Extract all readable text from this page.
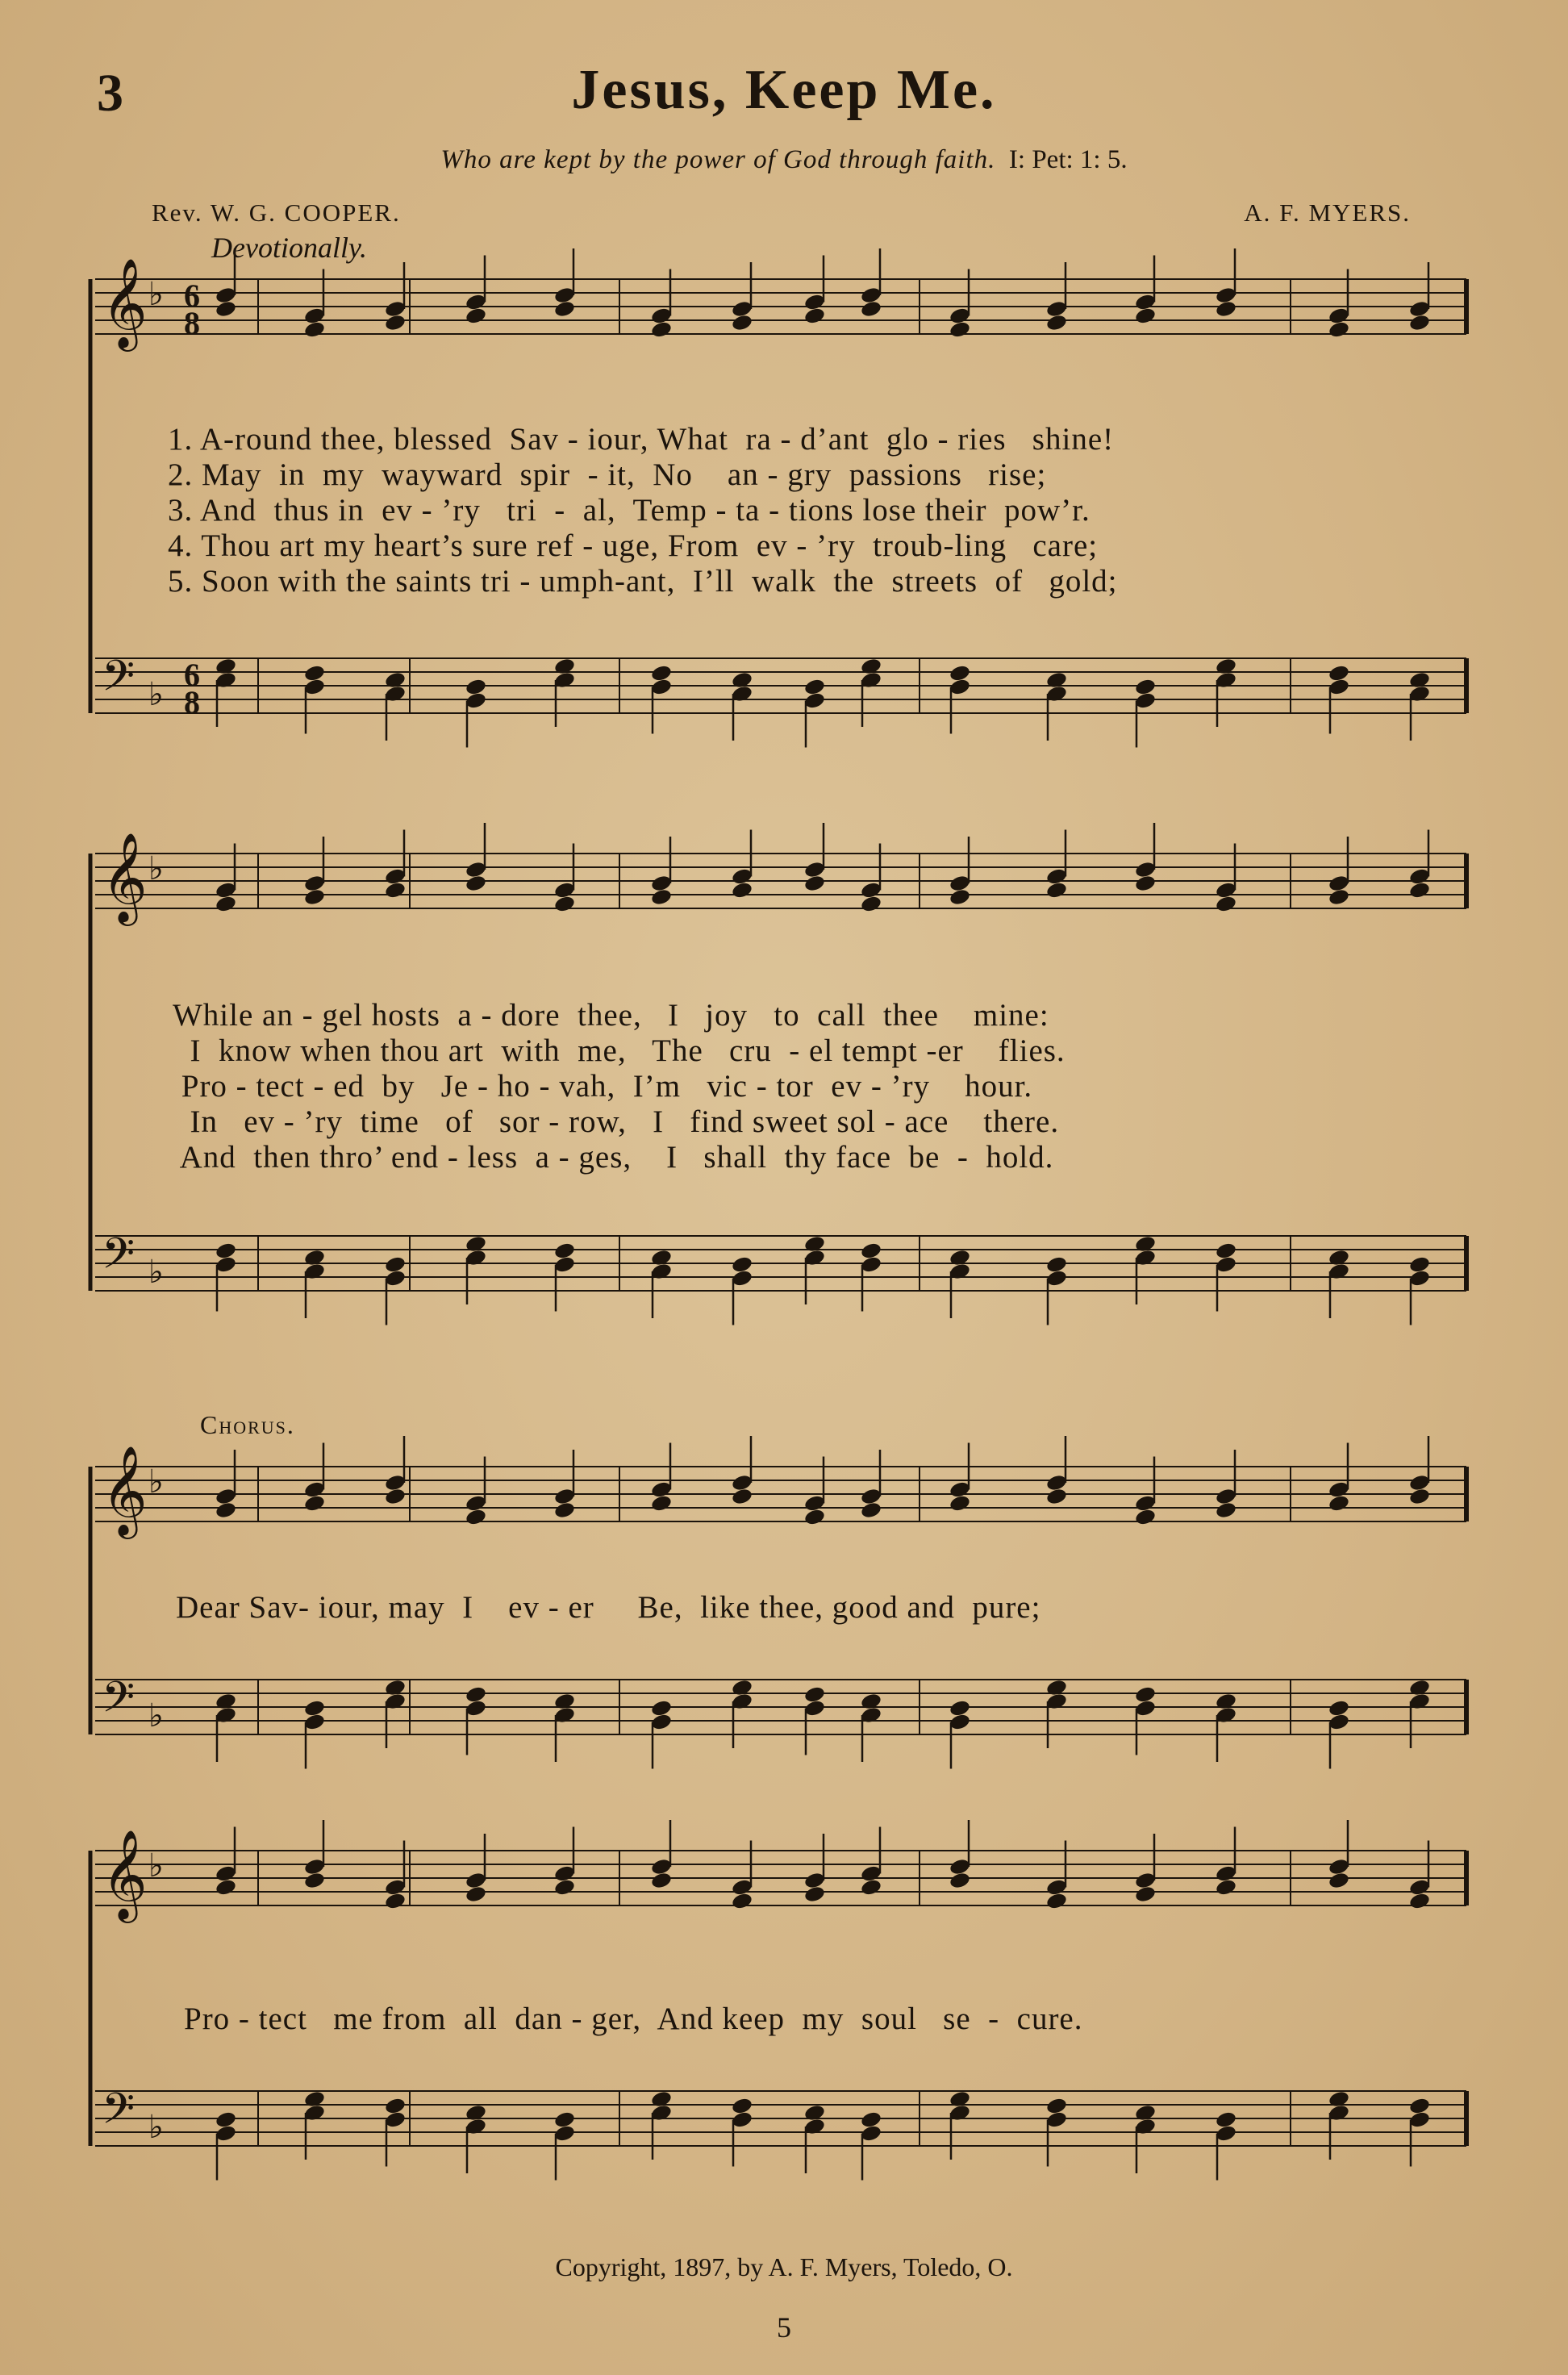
3	Jesus, Keep Me.
Who are kept by the power of God through faith. I: Pet: 1: 5.
Rev. W. G. COOPER.	A. F. MYERS.
Devotionally.
𝄞 ♭
𝄢 ♭
𝄞 ♭
𝄢 ♭
𝄞 ♭
𝄢 ♭
𝄞 ♭
𝄢 ♭
6
8
6
8
1. A-round thee, blessed  Sav - iour, What  ra - d’ant  glo - ries   shine!
2. May  in  my  wayward  spir  - it,  No    an - gry  passions   rise;
3. And  thus in  ev - ’ry   tri  -  al,  Temp - ta - tions lose their  pow’r.
4. Thou art my heart’s sure ref - uge, From  ev - ’ry  troub-ling   care;
5. Soon with the saints tri - umph-ant,  I’ll  walk  the  streets  of   gold;
While an - gel hosts  a - dore  thee,   I   joy   to  call  thee    mine:
I  know when thou art  with  me,   The   cru  - el tempt -er    flies.
Pro - tect - ed  by   Je - ho - vah,  I’m   vic - tor  ev - ’ry    hour.
In   ev - ’ry  time   of   sor - row,   I   find sweet sol - ace    there.
And  then thro’ end - less  a - ges,    I   shall  thy face  be  -  hold.
Chorus.
Dear Sav- iour, may  I    ev - er     Be,  like thee, good and  pure;
Pro - tect   me from  all  dan - ger,  And keep  my  soul   se  -  cure.
Copyright, 1897, by A. F. Myers, Toledo, O.
5
